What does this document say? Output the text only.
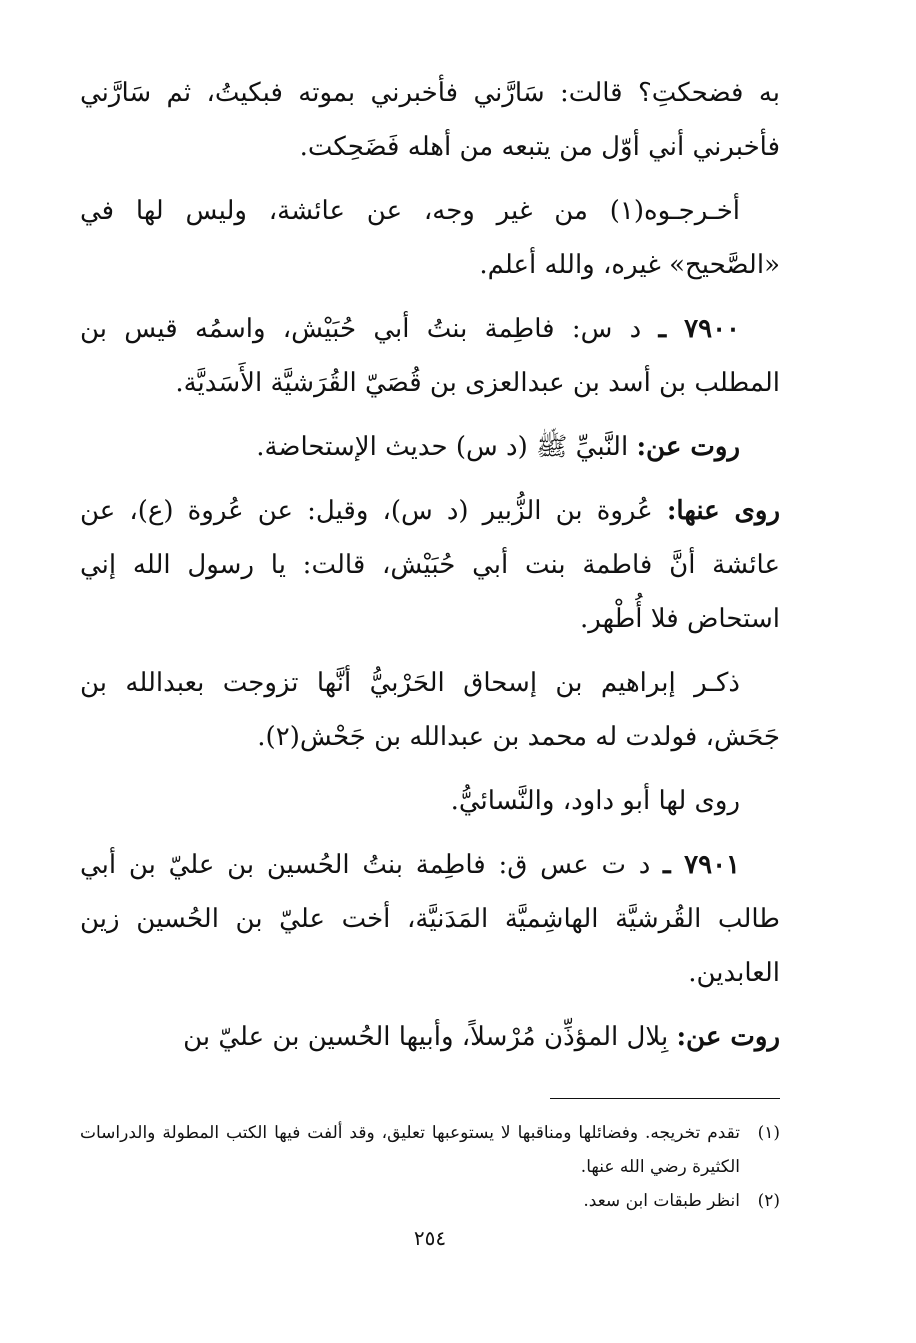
به فضحكتِ؟ قالت: سَارَّني فأخبرني بموته فبكيتُ، ثم سَارَّني فأخبرني أني أوّل من يتبعه من أهله فَضَحِكت.

أخـرجـوه(١) من غير وجه، عن عائشة، وليس لها في «الصَّحيح» غيره، والله أعلم.

٧٩٠٠ ـ د س: فاطِمة بنتُ أبي حُبَيْش، واسمُه قيس بن المطلب بن أسد بن عبدالعزى بن قُصَيّ القُرَشيَّة الأَسَديَّة.

روت عن: النَّبيِّ ﷺ (د س) حديث الإستحاضة.

روى عنها: عُروة بن الزُّبير (د س)، وقيل: عن عُروة (ع)، عن عائشة أنَّ فاطمة بنت أبي حُبَيْش، قالت: يا رسول الله إني استحاض فلا أُطْهر.

ذكـر إبراهيم بن إسحاق الحَرْبيُّ أنَّها تزوجت بعبدالله بن جَحَش، فولدت له محمد بن عبدالله بن جَحْش(٢).

روى لها أبو داود، والنَّسائيُّ.

٧٩٠١ ـ د ت عس ق: فاطِمة بنتُ الحُسين بن عليّ بن أبي طالب القُرشيَّة الهاشِميَّة المَدَنيَّة، أخت عليّ بن الحُسين زين العابدين.

روت عن: بِلال المؤذِّن مُرْسلاً، وأبيها الحُسين بن عليّ بن

(١)
تقدم تخريجه. وفضائلها ومناقبها لا يستوعبها تعليق، وقد ألفت فيها الكتب المطولة والدراسات الكثيرة رضي الله عنها.
(٢)
انظر طبقات ابن سعد.
٢٥٤
